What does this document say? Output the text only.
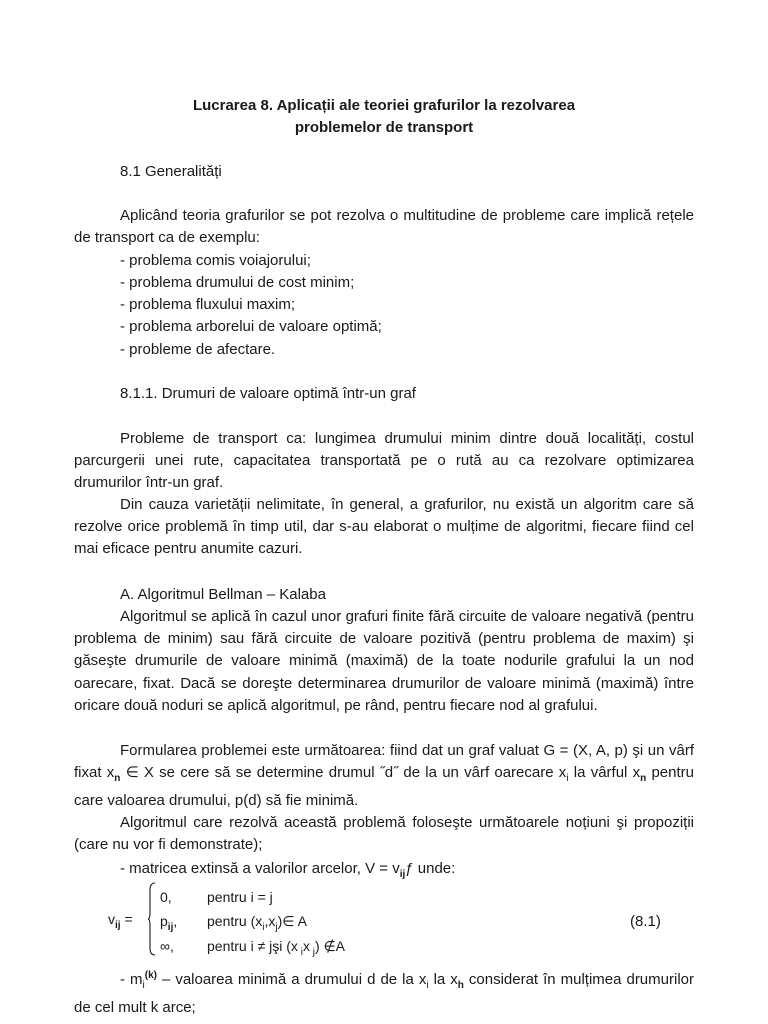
Lucrarea 8. Aplicații ale teoriei grafurilor la rezolvarea
problemelor de transport
8.1 Generalități
Aplicând teoria grafurilor se pot rezolva o multitudine de probleme care implică rețele de transport ca de exemplu:
- problema comis voiajorului;
- problema drumului de cost minim;
- problema fluxului maxim;
- problema arborelui de valoare optimă;
- probleme de afectare.
8.1.1. Drumuri de valoare optimă într-un graf
Probleme de transport ca: lungimea drumului minim dintre două localități, costul parcurgerii unei rute, capacitatea transportată pe o rută au ca rezolvare optimizarea drumurilor într-un graf.
Din cauza varietății nelimitate, în general, a grafurilor, nu există un algoritm care să rezolve orice problemă în timp util, dar s-au elaborat o mulțime de algoritmi, fiecare fiind cel mai eficace pentru anumite cazuri.
A. Algoritmul Bellman – Kalaba
Algoritmul se aplică în cazul unor grafuri finite fără circuite de valoare negativă (pentru problema de minim) sau fără circuite de valoare pozitivă (pentru problema de maxim) şi găseşte drumurile de valoare minimă (maximă) de la toate nodurile grafului la un nod oarecare, fixat. Dacă se doreşte determinarea drumurilor de valoare minimă (maximă) între oricare două noduri se aplică algoritmul, pe rând, pentru fiecare nod al grafului.
Formularea problemei este următoarea: fiind dat un graf valuat G = (X, A, p) şi un vârf fixat $x_n$ ∈ X se cere să se determine drumul ˝d˝ de la un vârf oarecare $x_i$ la vârful $x_n$ pentru care valoarea drumului, p(d) să fie minimă.
Algoritmul care rezolvă această problemă foloseşte următoarele noțiuni şi propoziții (care nu vor fi demonstrate);
- matricea extinsă a valorilor arcelor, $V = v_{ij}ƒ$ unde:
$v_{ij}$ =
0,	pentru i = j
$p_{ij}$, pentru $(x_i,x_j)\in$ A
∞, pentru i ≠ jşi (x $_i$x $_j$) ∉A
(8.1)
- $m_i^{(k)}$ – valoarea minimă a drumului d de la $x_i$ la $x_h$ considerat în mulțimea drumurilor de cel mult k arce;
